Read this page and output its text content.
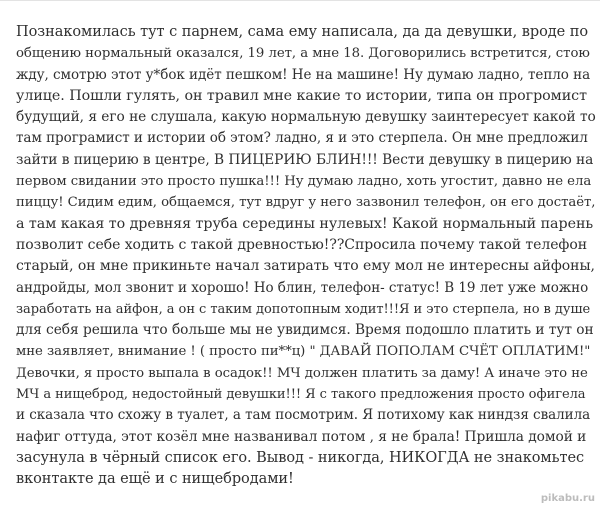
Познакомилась тут с парнем, сама ему написала, да да девушки, вроде по
общению нормальный оказался, 19 лет, а мне 18. Договорились встретится, стою
жду, смотрю этот у*бок идёт пешком! Не на машине! Ну думаю ладно, тепло на
улице. Пошли гулять, он травил мне какие то истории, типа он прогромист
будущий, я его не слушала, какую нормальную девушку заинтересует какой то
там прогрaмист и истории об этом? ладно, я и это стерпела. Он мне предложил
зайти в пицерию в центре, В ПИЦЕРИЮ БЛИН!!! Вести девушку в пицерию на
первом свидании это просто пушка!!! Ну думаю ладно, хоть угостит, давно не ела
пиццу! Сидим едим, общаемся, тут вдруг у него зазвонил телефон, он его достаёт,
а там какая то древняя труба середины нулевых! Какой нормальный парень
позволит себе ходить с такой древностью!??Спросила почему такой телефон
старый, он мне прикиньте начал затирать что ему мол не интересны айфоны,
андройды, мол звонит и хорошо! Но блин, телефон- статус! В 19 лет уже можно
заработать на айфон, а он с таким допотопным ходит!!!Я и это стерпела, но в душе
для себя решила что больше мы не увидимся. Время подошло платить и тут он
мне заявляет, внимание ! ( просто пи**ц) " ДАВАЙ ПОПОЛАМ СЧЁТ ОПЛАТИМ!"
Девочки, я просто выпала в осадок!! МЧ должен платить за даму! А иначе это не
МЧ а нищеброд, недостойный девушки!!! Я с такого предложения просто офигела
и сказала что схожу в туалет, а там посмотрим. Я потихому как ниндзя свалила
нафиг оттуда, этот козёл мне названивал потом , я не брала! Пришла домой и
засунула в чёрный список его. Вывод - никогда, НИКОГДА не знакомьтес
вконтакте да ещё и с нищебродами!
pikabu.ru
